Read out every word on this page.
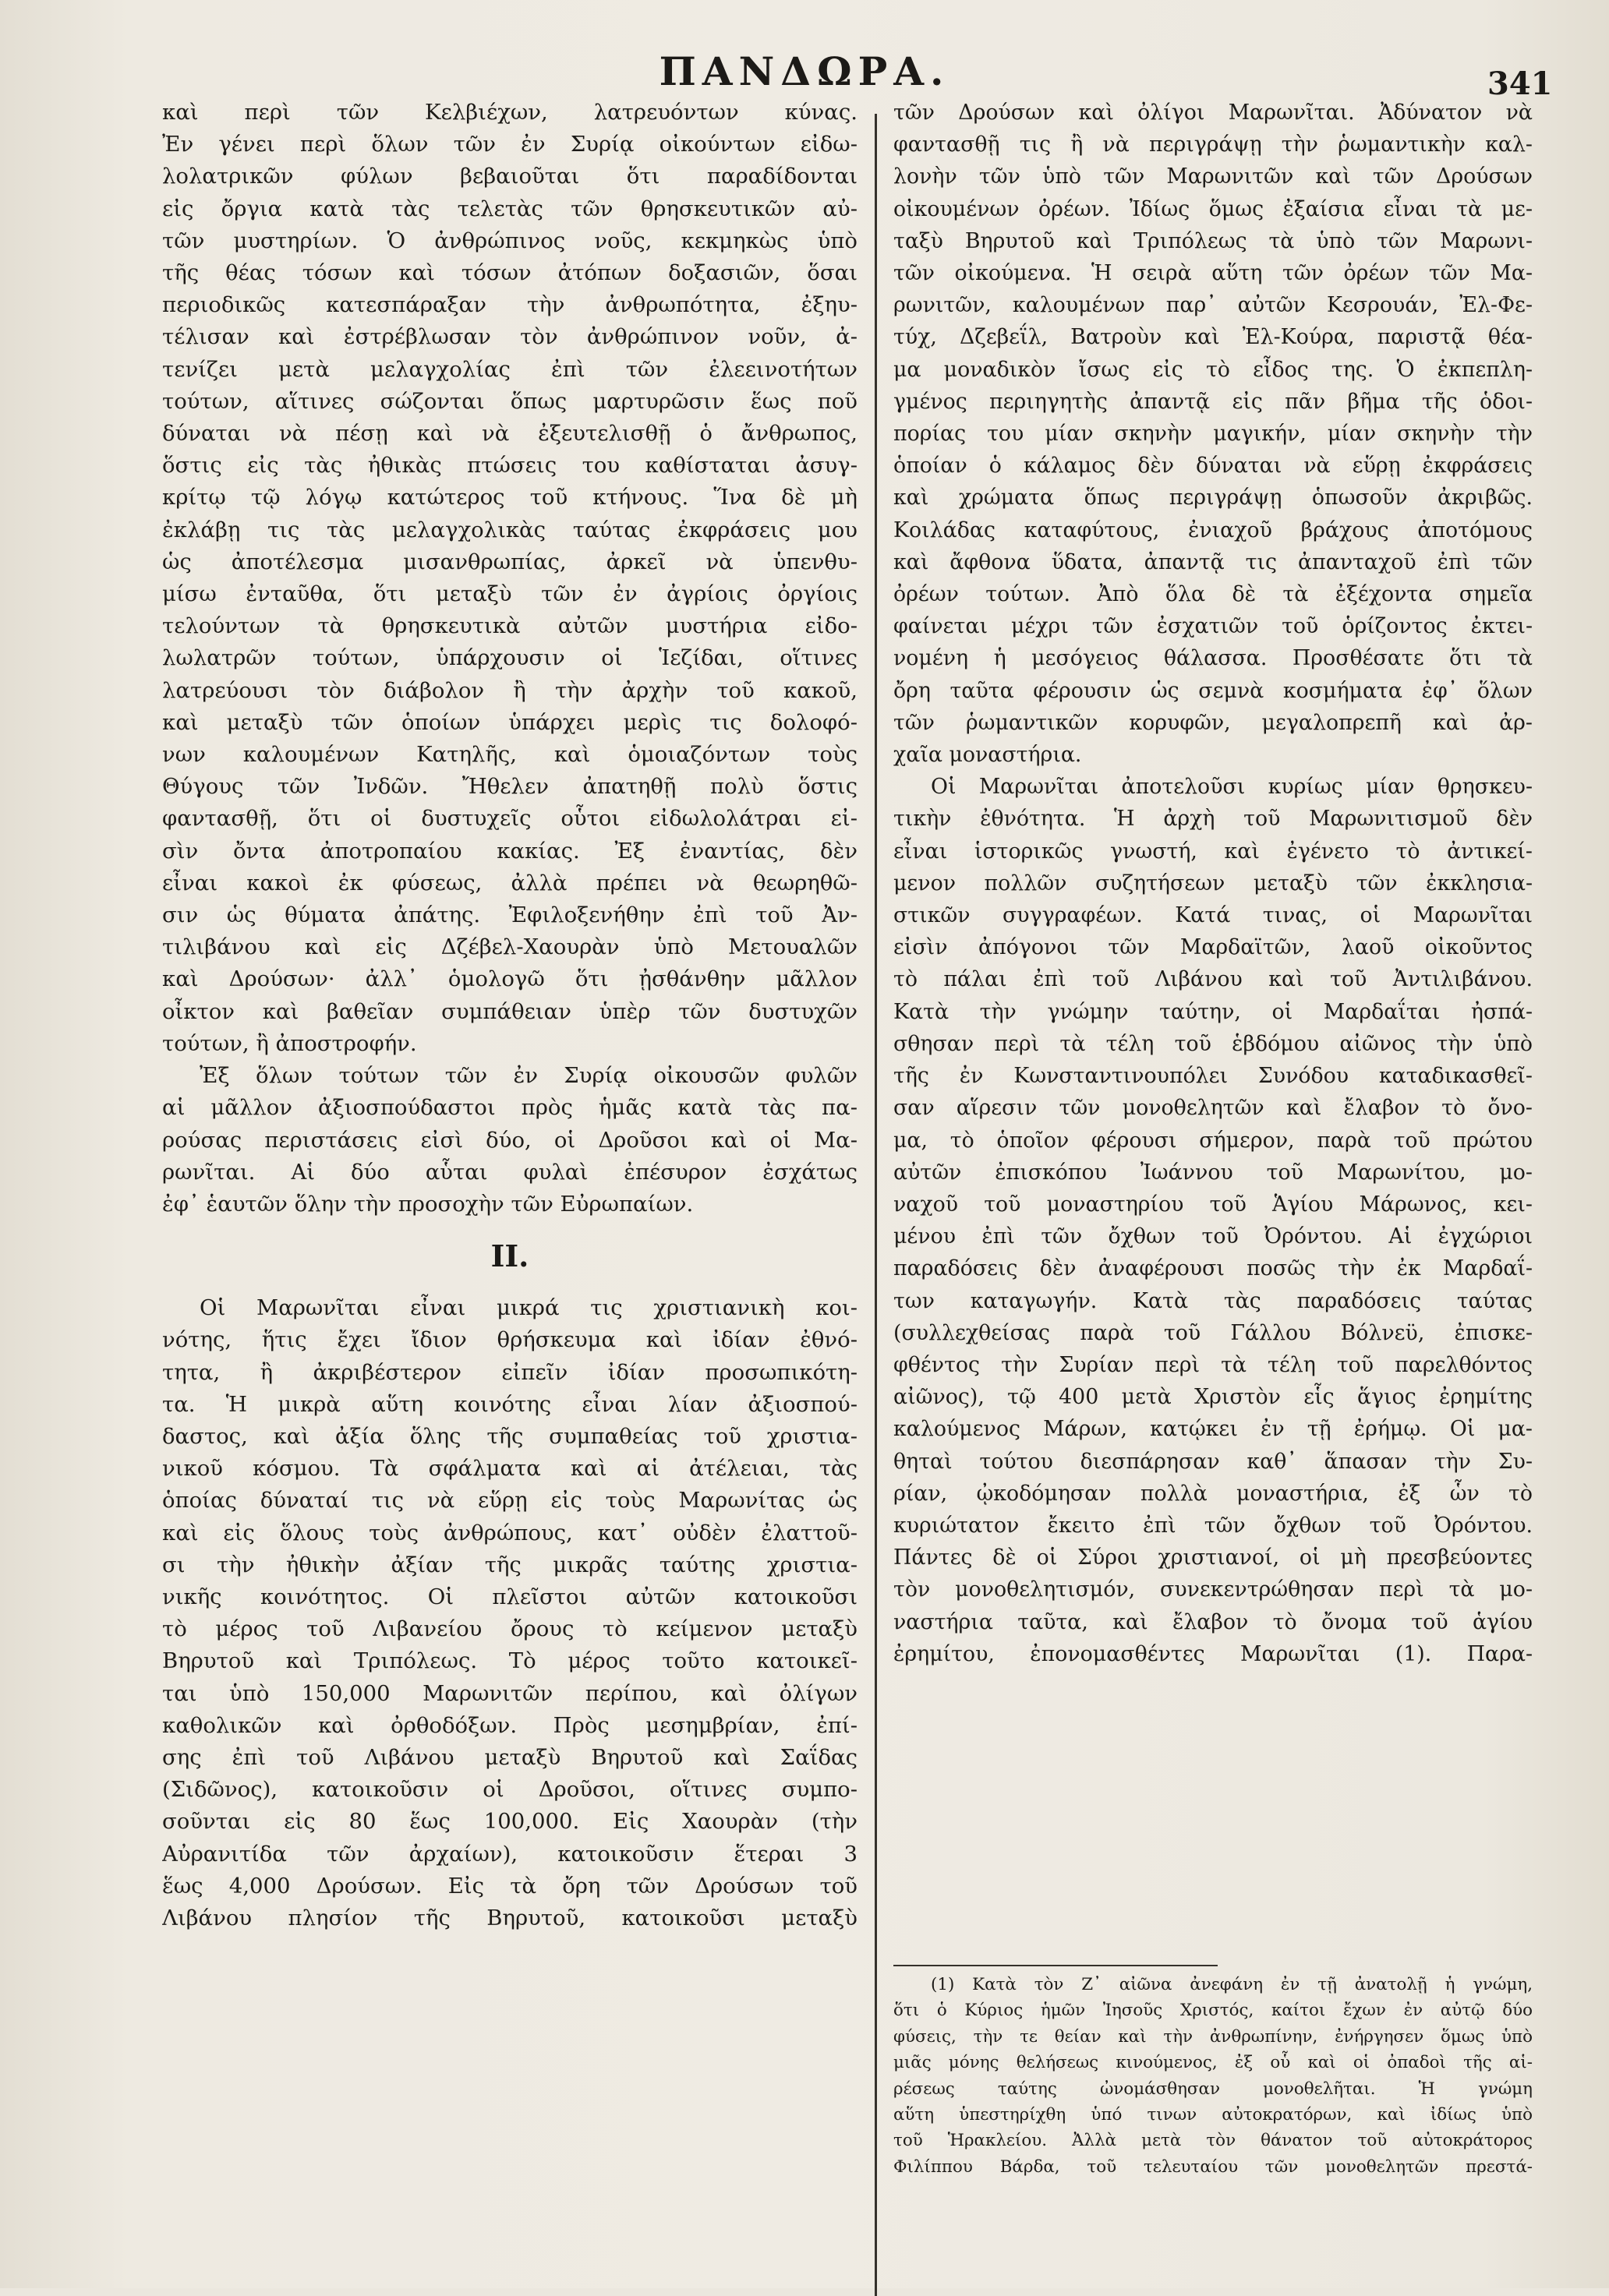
ΠΑΝΔΩΡΑ.	341
καὶ περὶ τῶν Κελβιέχων, λατρευόντων κύνας.
Ἐν γένει περὶ ὅλων τῶν ἐν Συρίᾳ οἰκούντων εἰδω-
λολατρικῶν φύλων βεβαιοῦται ὅτι παραδίδονται
εἰς ὄργια κατὰ τὰς τελετὰς τῶν θρησκευτικῶν αὐ-
τῶν μυστηρίων. Ὁ ἀνθρώπινος νοῦς, κεκμηκὼς ὑπὸ
τῆς θέας τόσων καὶ τόσων ἀτόπων δοξασιῶν, ὅσαι
περιοδικῶς κατεσπάραξαν τὴν ἀνθρωπότητα, ἐξηυ-
τέλισαν καὶ ἐστρέβλωσαν τὸν ἀνθρώπινον νοῦν, ἀ-
τενίζει μετὰ μελαγχολίας ἐπὶ τῶν ἐλεεινοτήτων
τούτων, αἵτινες σώζονται ὅπως μαρτυρῶσιν ἕως ποῦ
δύναται νὰ πέσῃ καὶ νὰ ἐξευτελισθῇ ὁ ἄνθρωπος,
ὅστις εἰς τὰς ἠθικὰς πτώσεις του καθίσταται ἀσυγ-
κρίτῳ τῷ λόγῳ κατώτερος τοῦ κτήνους. Ἵνα δὲ μὴ
ἐκλάβῃ τις τὰς μελαγχολικὰς ταύτας ἐκφράσεις μου
ὡς ἀποτέλεσμα μισανθρωπίας, ἀρκεῖ νὰ ὑπενθυ-
μίσω ἐνταῦθα, ὅτι μεταξὺ τῶν ἐν ἀγρίοις ὀργίοις
τελούντων τὰ θρησκευτικὰ αὐτῶν μυστήρια εἰδο-
λωλατρῶν τούτων, ὑπάρχουσιν οἱ Ἱεζίδαι, οἵτινες
λατρεύουσι τὸν διάβολον ἢ τὴν ἀρχὴν τοῦ κακοῦ,
καὶ μεταξὺ τῶν ὁποίων ὑπάρχει μερὶς τις δολοφό-
νων καλουμένων Κατηλῆς, καὶ ὁμοιαζόντων τοὺς
Θύγους τῶν Ἰνδῶν. Ἤθελεν ἀπατηθῇ πολὺ ὅστις
φαντασθῇ, ὅτι οἱ δυστυχεῖς οὗτοι εἰδωλολάτραι εἰ-
σὶν ὄντα ἀποτροπαίου κακίας. Ἐξ ἐναντίας, δὲν
εἶναι κακοὶ ἐκ φύσεως, ἀλλὰ πρέπει νὰ θεωρηθῶ-
σιν ὡς θύματα ἀπάτης. Ἐφιλοξενήθην ἐπὶ τοῦ Ἀν-
τιλιβάνου καὶ εἰς Δζέβελ-Χαουρὰν ὑπὸ Μετουαλῶν
καὶ Δρούσων· ἀλλ᾽ ὁμολογῶ ὅτι ᾐσθάνθην μᾶλλον
οἶκτον καὶ βαθεῖαν συμπάθειαν ὑπὲρ τῶν δυστυχῶν
τούτων, ἢ ἀποστροφήν.
Ἐξ ὅλων τούτων τῶν ἐν Συρίᾳ οἰκουσῶν φυλῶν
αἱ μᾶλλον ἀξιοσπούδαστοι πρὸς ἡμᾶς κατὰ τὰς πα-
ρούσας περιστάσεις εἰσὶ δύο, οἱ Δροῦσοι καὶ οἱ Μα-
ρωνῖται. Αἱ δύο αὗται φυλαὶ ἐπέσυρον ἐσχάτως
ἐφ᾽ ἑαυτῶν ὅλην τὴν προσοχὴν τῶν Εὐρωπαίων.
II.
Οἱ Μαρωνῖται εἶναι μικρά τις χριστιανικὴ κοι-
νότης, ἥτις ἔχει ἴδιον θρήσκευμα καὶ ἰδίαν ἐθνό-
τητα, ἢ ἀκριβέστερον εἰπεῖν ἰδίαν προσωπικότη-
τα. Ἡ μικρὰ αὕτη κοινότης εἶναι λίαν ἀξιοσπού-
δαστος, καὶ ἀξία ὅλης τῆς συμπαθείας τοῦ χριστια-
νικοῦ κόσμου. Τὰ σφάλματα καὶ αἱ ἀτέλειαι, τὰς
ὁποίας δύναταί τις νὰ εὕρῃ εἰς τοὺς Μαρωνίτας ὡς
καὶ εἰς ὅλους τοὺς ἀνθρώπους, κατ᾽ οὐδὲν ἐλαττοῦ-
σι τὴν ἠθικὴν ἀξίαν τῆς μικρᾶς ταύτης χριστια-
νικῆς κοινότητος. Οἱ πλεῖστοι αὐτῶν κατοικοῦσι
τὸ μέρος τοῦ Λιβανείου ὄρους τὸ κείμενον μεταξὺ
Βηρυτοῦ καὶ Τριπόλεως. Τὸ μέρος τοῦτο κατοικεῖ-
ται ὑπὸ 150,000 Μαρωνιτῶν περίπου, καὶ ὀλίγων
καθολικῶν καὶ ὀρθοδόξων. Πρὸς μεσημβρίαν, ἐπί-
σης ἐπὶ τοῦ Λιβάνου μεταξὺ Βηρυτοῦ καὶ Σαΐδας
(Σιδῶνος), κατοικοῦσιν οἱ Δροῦσοι, οἵτινες συμπο-
σοῦνται εἰς 80 ἕως 100,000. Εἰς Χαουρὰν (τὴν
Αὐρανιτίδα τῶν ἀρχαίων), κατοικοῦσιν ἕτεραι 3
ἕως 4,000 Δρούσων. Εἰς τὰ ὄρη τῶν Δρούσων τοῦ
Λιβάνου πλησίον τῆς Βηρυτοῦ, κατοικοῦσι μεταξὺ
τῶν Δρούσων καὶ ὀλίγοι Μαρωνῖται. Ἀδύνατον νὰ
φαντασθῇ τις ἢ νὰ περιγράψῃ τὴν ῥωμαντικὴν καλ-
λονὴν τῶν ὑπὸ τῶν Μαρωνιτῶν καὶ τῶν Δρούσων
οἰκουμένων ὀρέων. Ἰδίως ὅμως ἐξαίσια εἶναι τὰ με-
ταξὺ Βηρυτοῦ καὶ Τριπόλεως τὰ ὑπὸ τῶν Μαρωνι-
τῶν οἰκούμενα. Ἡ σειρὰ αὕτη τῶν ὀρέων τῶν Μα-
ρωνιτῶν, καλουμένων παρ᾽ αὐτῶν Κεσρουάν, Ἐλ-Φε-
τύχ, Δζεβεΐλ, Βατροὺν καὶ Ἐλ-Κούρα, παριστᾷ θέα-
μα μοναδικὸν ἴσως εἰς τὸ εἶδος της. Ὁ ἐκπεπλη-
γμένος περιηγητὴς ἀπαντᾷ εἰς πᾶν βῆμα τῆς ὁδοι-
πορίας του μίαν σκηνὴν μαγικήν, μίαν σκηνὴν τὴν
ὁποίαν ὁ κάλαμος δὲν δύναται νὰ εὕρῃ ἐκφράσεις
καὶ χρώματα ὅπως περιγράψῃ ὁπωσοῦν ἀκριβῶς.
Κοιλάδας καταφύτους, ἐνιαχοῦ βράχους ἀποτόμους
καὶ ἄφθονα ὕδατα, ἀπαντᾷ τις ἀπανταχοῦ ἐπὶ τῶν
ὀρέων τούτων. Ἀπὸ ὅλα δὲ τὰ ἐξέχοντα σημεῖα
φαίνεται μέχρι τῶν ἐσχατιῶν τοῦ ὁρίζοντος ἐκτει-
νομένη ἡ μεσόγειος θάλασσα. Προσθέσατε ὅτι τὰ
ὄρη ταῦτα φέρουσιν ὡς σεμνὰ κοσμήματα ἐφ᾽ ὅλων
τῶν ῥωμαντικῶν κορυφῶν, μεγαλοπρεπῆ καὶ ἀρ-
χαῖα μοναστήρια.
Οἱ Μαρωνῖται ἀποτελοῦσι κυρίως μίαν θρησκευ-
τικὴν ἐθνότητα. Ἡ ἀρχὴ τοῦ Μαρωνιτισμοῦ δὲν
εἶναι ἱστορικῶς γνωστή, καὶ ἐγένετο τὸ ἀντικεί-
μενον πολλῶν συζητήσεων μεταξὺ τῶν ἐκκλησια-
στικῶν συγγραφέων. Κατά τινας, οἱ Μαρωνῖται
εἰσὶν ἀπόγονοι τῶν Μαρδαϊτῶν, λαοῦ οἰκοῦντος
τὸ πάλαι ἐπὶ τοῦ Λιβάνου καὶ τοῦ Ἀντιλιβάνου.
Κατὰ τὴν γνώμην ταύτην, οἱ Μαρδαΐται ἠσπά-
σθησαν περὶ τὰ τέλη τοῦ ἑβδόμου αἰῶνος τὴν ὑπὸ
τῆς ἐν Κωνσταντινουπόλει Συνόδου καταδικασθεῖ-
σαν αἵρεσιν τῶν μονοθελητῶν καὶ ἔλαβον τὸ ὄνο-
μα, τὸ ὁποῖον φέρουσι σήμερον, παρὰ τοῦ πρώτου
αὐτῶν ἐπισκόπου Ἰωάννου τοῦ Μαρωνίτου, μο-
ναχοῦ τοῦ μοναστηρίου τοῦ Ἁγίου Μάρωνος, κει-
μένου ἐπὶ τῶν ὄχθων τοῦ Ὀρόντου. Αἱ ἐγχώριοι
παραδόσεις δὲν ἀναφέρουσι ποσῶς τὴν ἐκ Μαρδαΐ-
των καταγωγήν. Κατὰ τὰς παραδόσεις ταύτας
(συλλεχθείσας παρὰ τοῦ Γάλλου Βόλνεϋ, ἐπισκε-
φθέντος τὴν Συρίαν περὶ τὰ τέλη τοῦ παρελθόντος
αἰῶνος), τῷ 400 μετὰ Χριστὸν εἷς ἅγιος ἐρημίτης
καλούμενος Μάρων, κατῴκει ἐν τῇ ἐρήμῳ. Οἱ μα-
θηταὶ τούτου διεσπάρησαν καθ᾽ ἅπασαν τὴν Συ-
ρίαν, ᾠκοδόμησαν πολλὰ μοναστήρια, ἐξ ὧν τὸ
κυριώτατον ἔκειτο ἐπὶ τῶν ὄχθων τοῦ Ὀρόντου.
Πάντες δὲ οἱ Σύροι χριστιανοί, οἱ μὴ πρεσβεύοντες
τὸν μονοθελητισμόν, συνεκεντρώθησαν περὶ τὰ μο-
ναστήρια ταῦτα, καὶ ἔλαβον τὸ ὄνομα τοῦ ἁγίου
ἐρημίτου, ἐπονομασθέντες Μαρωνῖται (1). Παρα-
(1) Κατὰ τὸν Ζ᾽ αἰῶνα ἀνεφάνη ἐν τῇ ἀνατολῇ ἡ γνώμη,
ὅτι ὁ Κύριος ἡμῶν Ἰησοῦς Χριστός, καίτοι ἔχων ἐν αὐτῷ δύο
φύσεις, τὴν τε θείαν καὶ τὴν ἀνθρωπίνην, ἐνήργησεν ὅμως ὑπὸ
μιᾶς μόνης θελήσεως κινούμενος, ἐξ οὗ καὶ οἱ ὀπαδοὶ τῆς αἱ-
ρέσεως ταύτης ὠνομάσθησαν μονοθελῆται. Ἡ γνώμη
αὕτη ὑπεστηρίχθη ὑπό τινων αὐτοκρατόρων, καὶ ἰδίως ὑπὸ
τοῦ Ἡρακλείου. Ἀλλὰ μετὰ τὸν θάνατον τοῦ αὐτοκράτορος
Φιλίππου Βάρδα, τοῦ τελευταίου τῶν μονοθελητῶν πρεστά-
